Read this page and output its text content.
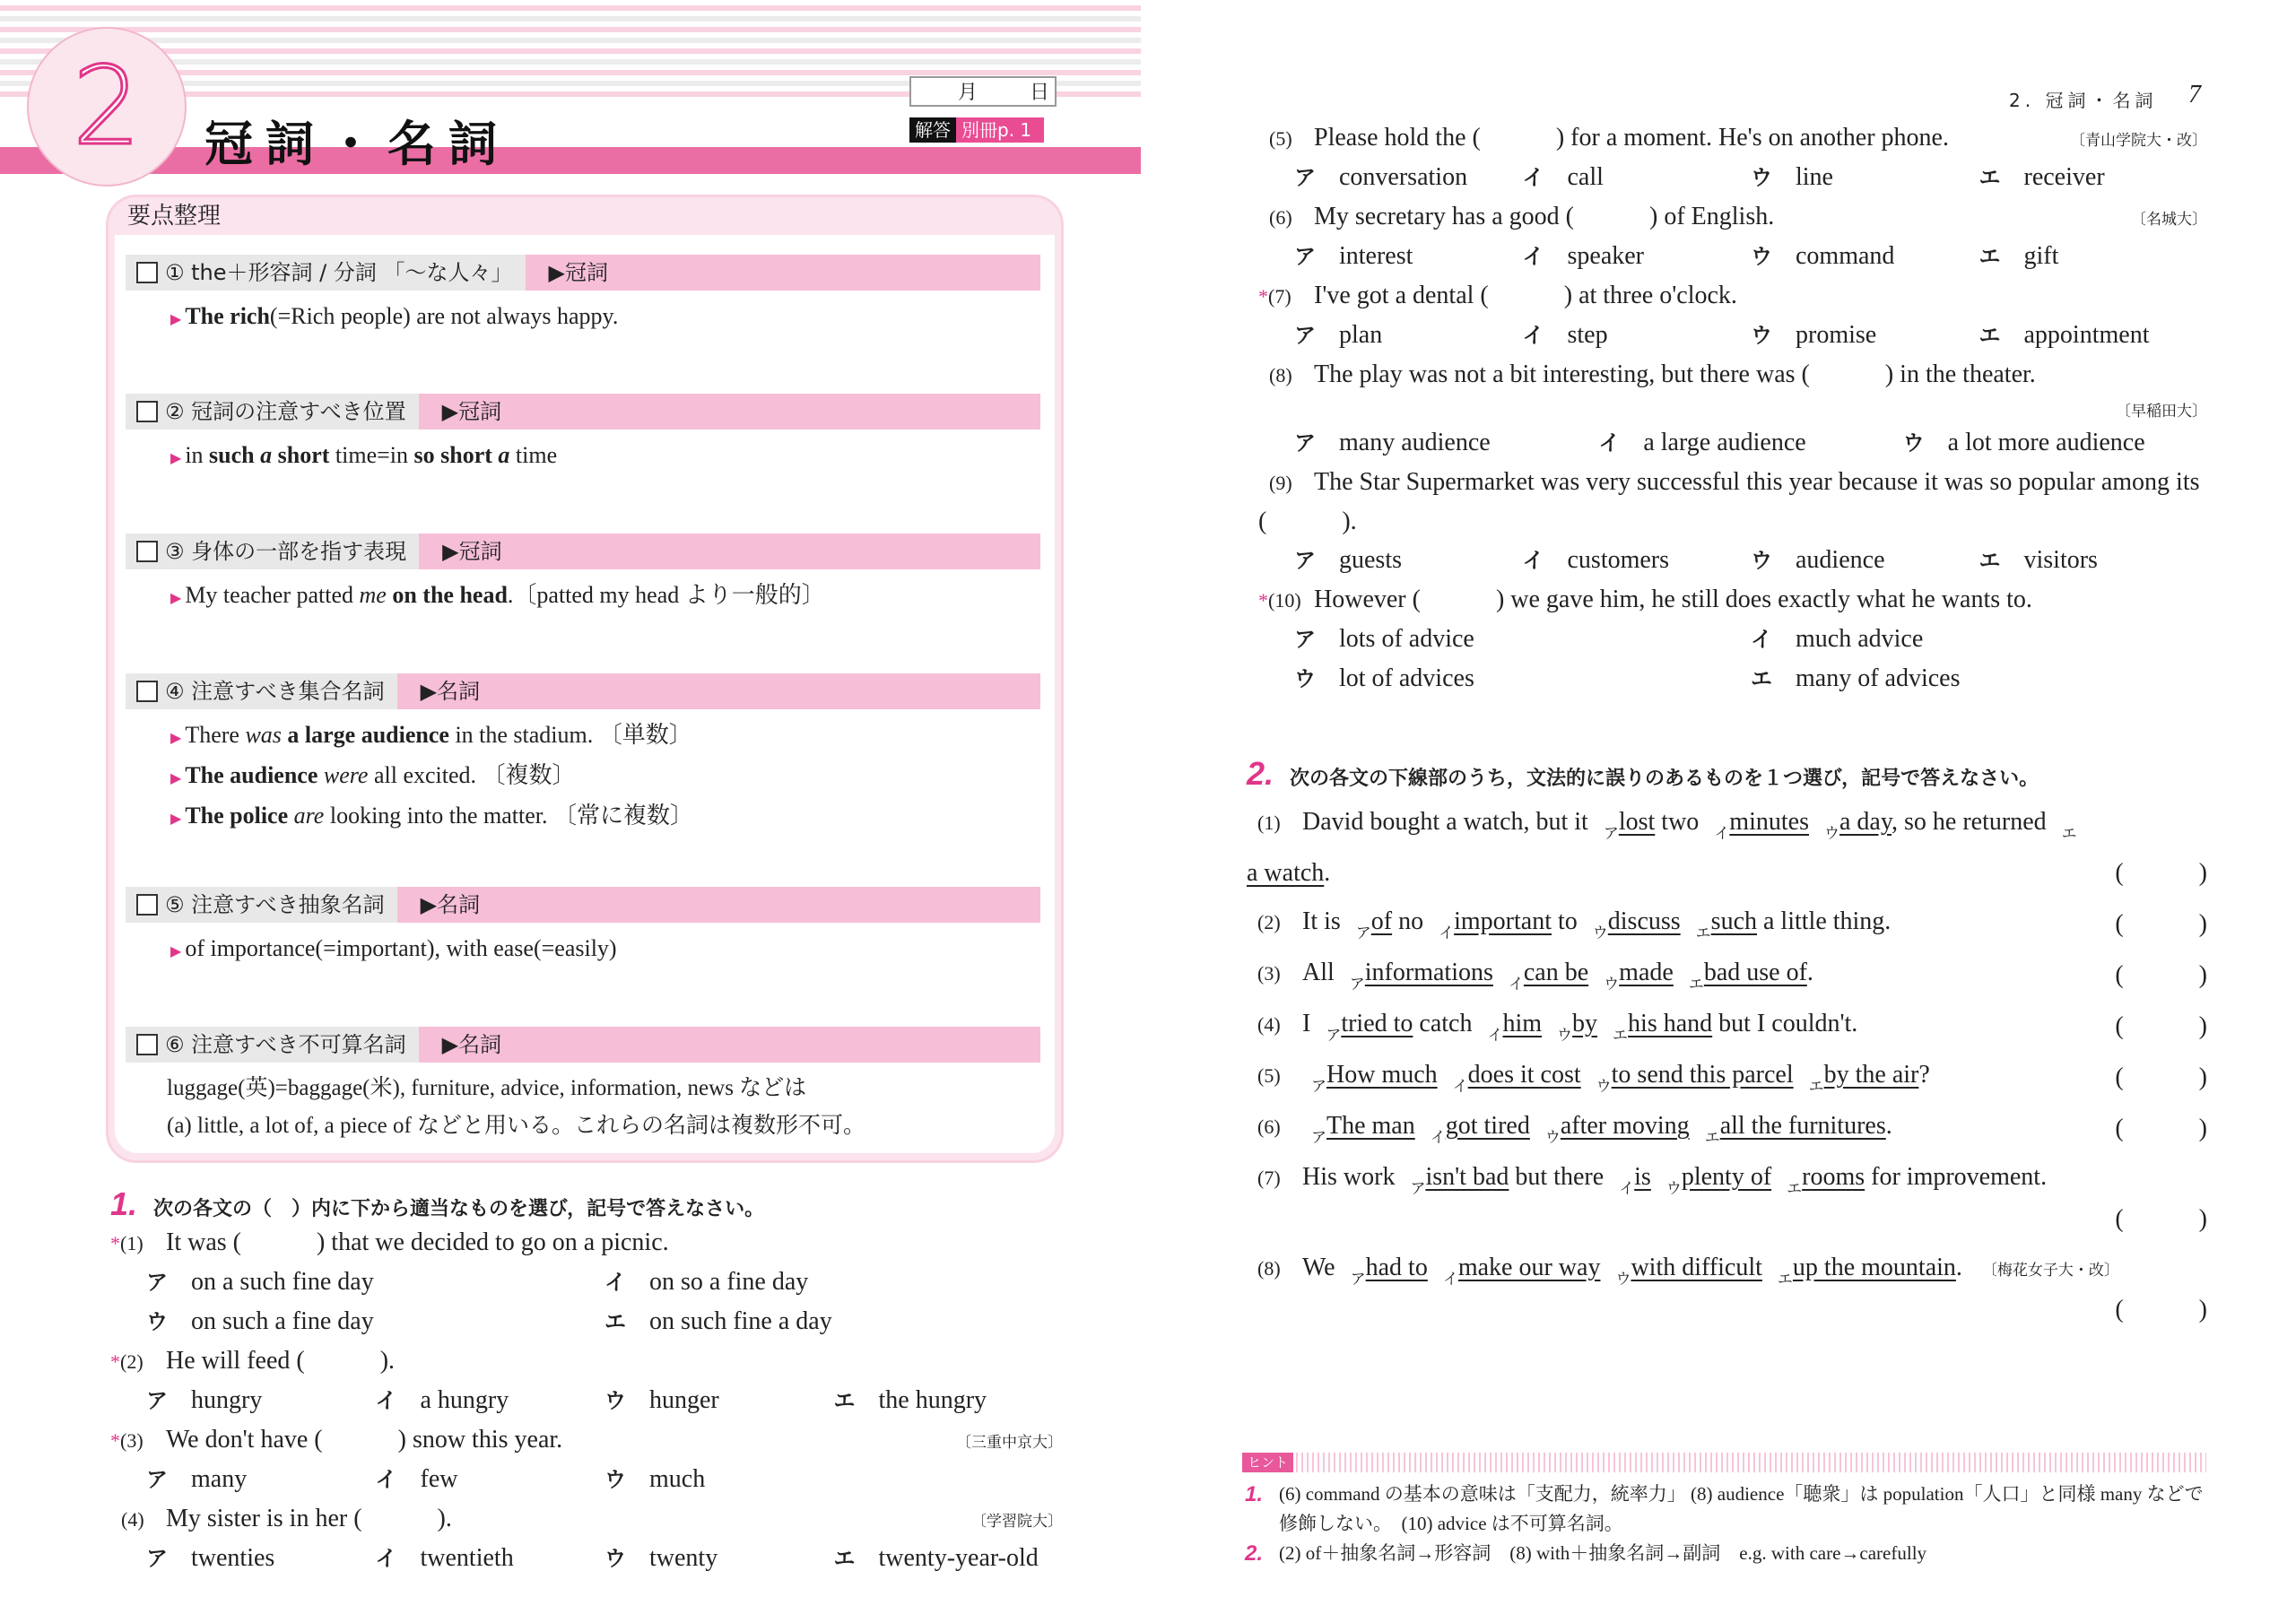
2 冠詞・名詞
月	日
解答 別冊p. 1
2. 冠詞・名詞 7
要点整理
① the＋形容詞 / 分詞 「〜な人々」	▶冠詞
▶ The rich(=Rich people) are not always happy.
② 冠詞の注意すべき位置	▶冠詞
▶ in such a short time=in so short a time
③ 身体の一部を指す表現	▶冠詞
▶ My teacher patted me on the head.〔patted my head より一般的〕
④ 注意すべき集合名詞	▶名詞
▶ There was a large audience in the stadium. 〔単数〕
▶ The audience were all excited. 〔複数〕
▶ The police are looking into the matter. 〔常に複数〕
⑤ 注意すべき抽象名詞	▶名詞
▶ of importance(=important), with ease(=easily)
⑥ 注意すべき不可算名詞	▶名詞
luggage(英)=baggage(米), furniture, advice, information, news などは
(a) little, a lot of, a piece of などと用いる。これらの名詞は複数形不可。
1. 次の各文の（　）内に下から適当なものを選び，記号で答えなさい。
*(1) It was (　　　) that we decided to go on a picnic.
ア on a such fine day	イ on so a fine day
ウ on such a fine day	エ on such fine a day
*(2) He will feed (　　　).
ア hungry	イ a hungry	ウ hunger	エ the hungry
*(3) We don't have (　　　) snow this year.	〔三重中京大〕
ア many	イ few	ウ much
(4) My sister is in her (　　　).	〔学習院大〕
ア twenties	イ twentieth	ウ twenty	エ twenty-year-old
(5) Please hold the (　　　) for a moment. He's on another phone.	〔青山学院大・改〕
ア conversation	イ call	ウ line	エ receiver
(6) My secretary has a good (　　　) of English.	〔名城大〕
ア interest	イ speaker	ウ command	エ gift
*(7) I've got a dental (　　　) at three o'clock.
ア plan	イ step	ウ promise	エ appointment
(8) The play was not a bit interesting, but there was (　　　) in the theater.
〔早稲田大〕
ア many audience	イ a large audience	ウ a lot more audience
(9) The Star Supermarket was very successful this year because it was so popular among its (　　　).
ア guests	イ customers	ウ audience	エ visitors
*(10) However (　　　) we gave him, he still does exactly what he wants to.
ア lots of advice	イ much advice
ウ lot of advices	エ many of advices
2. 次の各文の下線部のうち，文法的に誤りのあるものを１つ選び，記号で答えなさい。
(1) David bought a watch, but it $_ア$lost two $_イ$minutes $_ウ$a day, so he returned $_エ$a watch.	(　　　)
(2) It is $_ア$of no $_イ$important to $_ウ$discuss $_エ$such a little thing.	(　　　)
(3) All $_ア$informations $_イ$can be $_ウ$made $_エ$bad use of.	(　　　)
(4) I $_ア$tried to catch $_イ$him $_ウ$by $_エ$his hand but I couldn't.	(　　　)
(5) $_ア$How much $_イ$does it cost $_ウ$to send this parcel $_エ$by the air?	(　　　)
(6) $_ア$The man $_イ$got tired $_ウ$after moving $_エ$all the furnitures.	(　　　)
(7) His work $_ア$isn't bad but there $_イ$is $_ウ$plenty of $_エ$rooms for improvement.
(　　　)
(8) We $_ア$had to $_イ$make our way $_ウ$with difficult $_エ$up the mountain. 〔梅花女子大・改〕
(　　　)
ヒント
1. (6) command の基本の意味は「支配力，統率力」 (8) audience「聴衆」は population「人口」と同様 many などで修飾しない。　(10) advice は不可算名詞。
2. (2) of＋抽象名詞→形容詞　(8) with＋抽象名詞→副詞　e.g. with care→carefully
